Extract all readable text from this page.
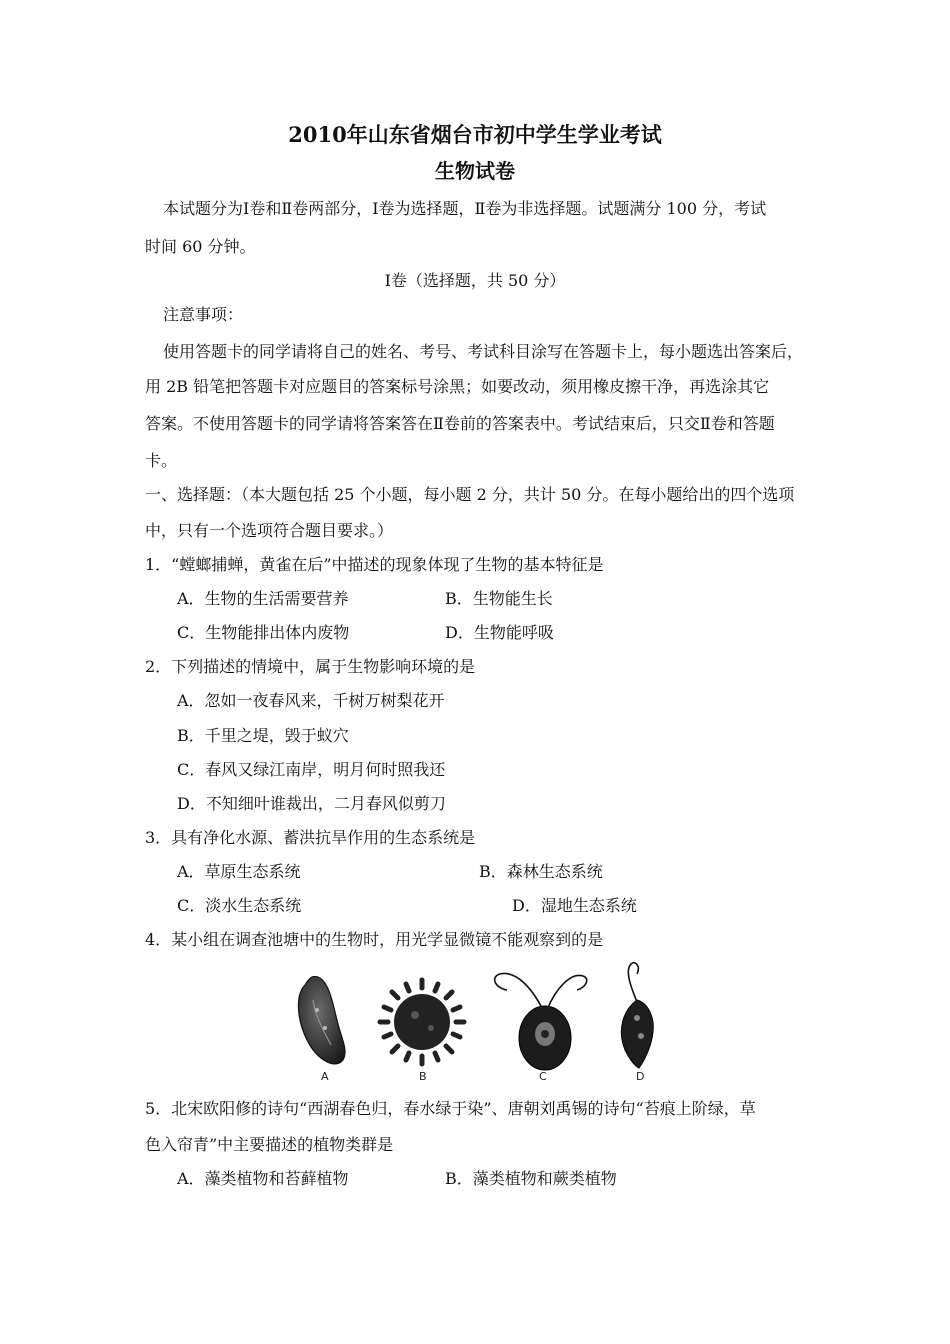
2010年山东省烟台市初中学生学业考试
生物试卷
本试题分为Ⅰ卷和Ⅱ卷两部分，Ⅰ卷为选择题，Ⅱ卷为非选择题。试题满分 100 分，考试
时间 60 分钟。
Ⅰ卷（选择题，共 50 分）
注意事项：
使用答题卡的同学请将自己的姓名、考号、考试科目涂写在答题卡上，每小题选出答案后，
用 2B 铅笔把答题卡对应题目的答案标号涂黑；如要改动，须用橡皮擦干净，再选涂其它
答案。不使用答题卡的同学请将答案答在Ⅱ卷前的答案表中。考试结束后，只交Ⅱ卷和答题
卡。
一、选择题：（本大题包括 25 个小题，每小题 2 分，共计 50 分。在每小题给出的四个选项
中，只有一个选项符合题目要求。）
1．“螳螂捕蝉，黄雀在后”中描述的现象体现了生物的基本特征是
A．生物的生活需要营养	B．生物能生长
C．生物能排出体内废物	D．生物能呼吸
2．下列描述的情境中，属于生物影响环境的是
A．忽如一夜春风来，千树万树梨花开
B．千里之堤，毁于蚁穴
C．春风又绿江南岸，明月何时照我还
D．不知细叶谁裁出，二月春风似剪刀
3．具有净化水源、蓄洪抗旱作用的生态系统是
A．草原生态系统	B．森林生态系统
C．淡水生态系统	D．湿地生态系统
4．某小组在调查池塘中的生物时，用光学显微镜不能观察到的是
A	B	C	D
5．北宋欧阳修的诗句“西湖春色归，春水绿于染”、唐朝刘禹锡的诗句“苔痕上阶绿，草
色入帘青”中主要描述的植物类群是
A．藻类植物和苔藓植物	B．藻类植物和蕨类植物
